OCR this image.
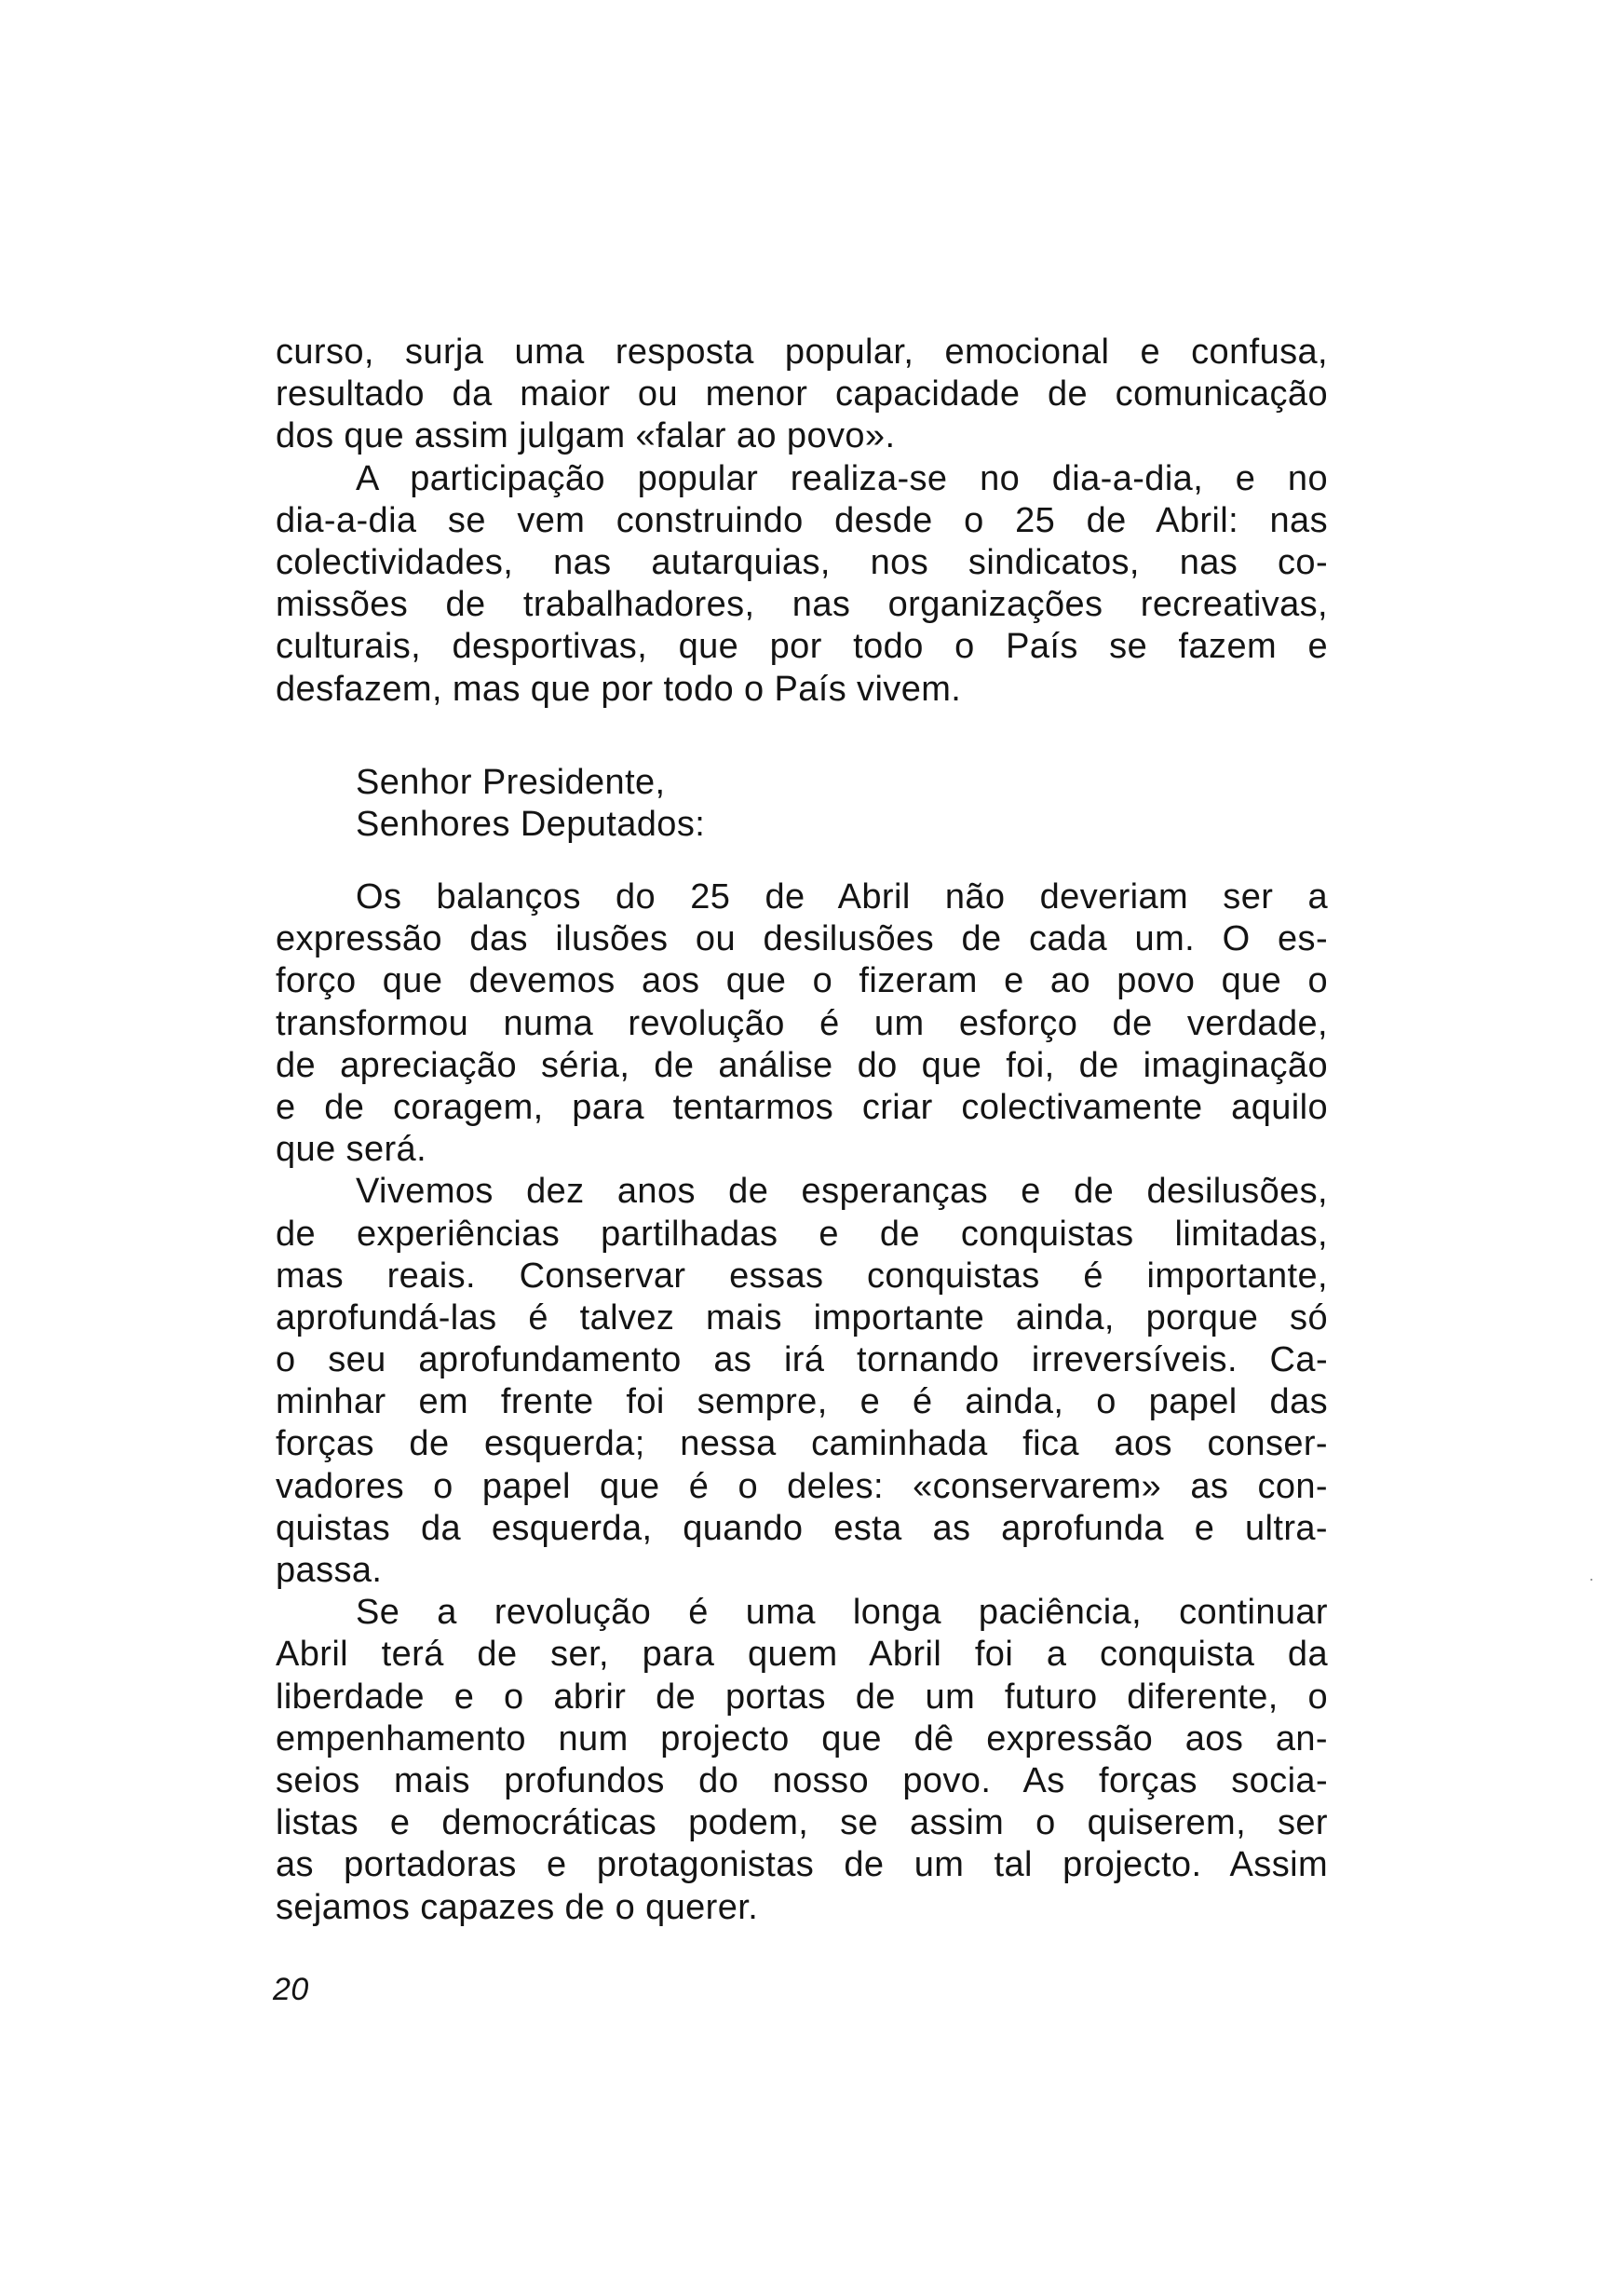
curso, surja uma resposta popular, emocional e confusa,
resultado da maior ou menor capacidade de comunicação
dos que assim julgam «falar ao povo».
A participação popular realiza-se no dia-a-dia, e no
dia-a-dia se vem construindo desde o 25 de Abril: nas
colectividades, nas autarquias, nos sindicatos, nas co-
missões de trabalhadores, nas organizações recreativas,
culturais, desportivas, que por todo o País se fazem e
desfazem, mas que por todo o País vivem.
Senhor Presidente,
Senhores Deputados:
Os balanços do 25 de Abril não deveriam ser a
expressão das ilusões ou desilusões de cada um. O es-
forço que devemos aos que o fizeram e ao povo que o
transformou numa revolução é um esforço de verdade,
de apreciação séria, de análise do que foi, de imaginação
e de coragem, para tentarmos criar colectivamente aquilo
que será.
Vivemos dez anos de esperanças e de desilusões,
de experiências partilhadas e de conquistas limitadas,
mas reais. Conservar essas conquistas é importante,
aprofundá-las é talvez mais importante ainda, porque só
o seu aprofundamento as irá tornando irreversíveis. Ca-
minhar em frente foi sempre, e é ainda, o papel das
forças de esquerda; nessa caminhada fica aos conser-
vadores o papel que é o deles: «conservarem» as con-
quistas da esquerda, quando esta as aprofunda e ultra-
passa.
Se a revolução é uma longa paciência, continuar
Abril terá de ser, para quem Abril foi a conquista da
liberdade e o abrir de portas de um futuro diferente, o
empenhamento num projecto que dê expressão aos an-
seios mais profundos do nosso povo. As forças socia-
listas e democráticas podem, se assim o quiserem, ser
as portadoras e protagonistas de um tal projecto. Assim
sejamos capazes de o querer.
20
